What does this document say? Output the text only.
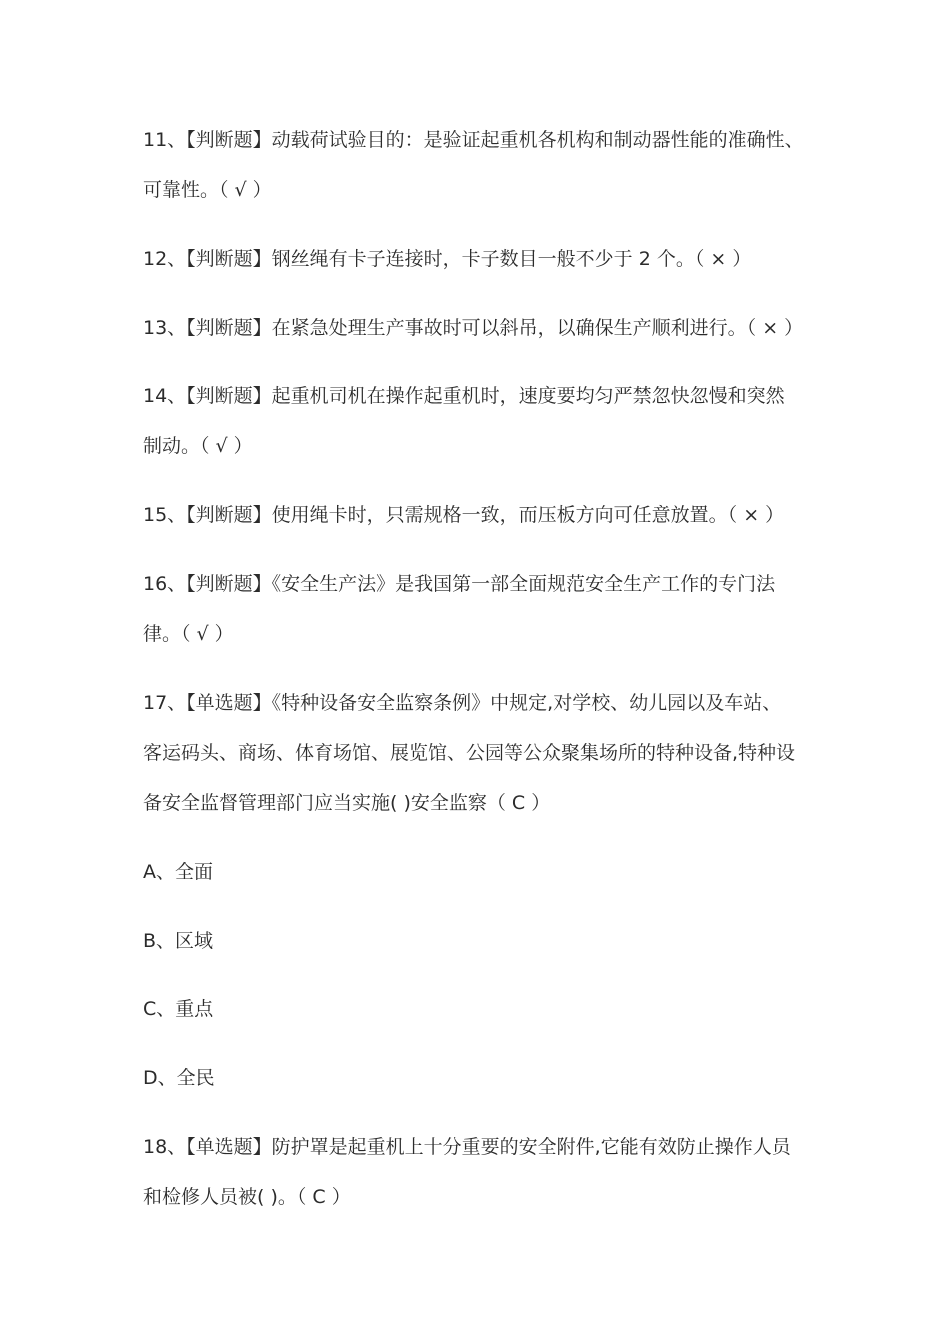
11、【判断题】动载荷试验目的：是验证起重机各机构和制动器性能的准确性、
可靠性。（ √ ）
12、【判断题】钢丝绳有卡子连接时，卡子数目一般不少于 2 个。（ × ）
13、【判断题】在紧急处理生产事故时可以斜吊，以确保生产顺利进行。（ × ）
14、【判断题】起重机司机在操作起重机时，速度要均匀严禁忽快忽慢和突然
制动。（ √ ）
15、【判断题】使用绳卡时，只需规格一致，而压板方向可任意放置。（ × ）
16、【判断题】《安全生产法》是我国第一部全面规范安全生产工作的专门法
律。（ √ ）
17、【单选题】《特种设备安全监察条例》中规定,对学校、幼儿园以及车站、
客运码头、商场、体育场馆、展览馆、公园等公众聚集场所的特种设备,特种设
备安全监督管理部门应当实施( )安全监察（ C ）
A、全面
B、区域
C、重点
D、全民
18、【单选题】防护罩是起重机上十分重要的安全附件,它能有效防止操作人员
和检修人员被( )。（ C ）
